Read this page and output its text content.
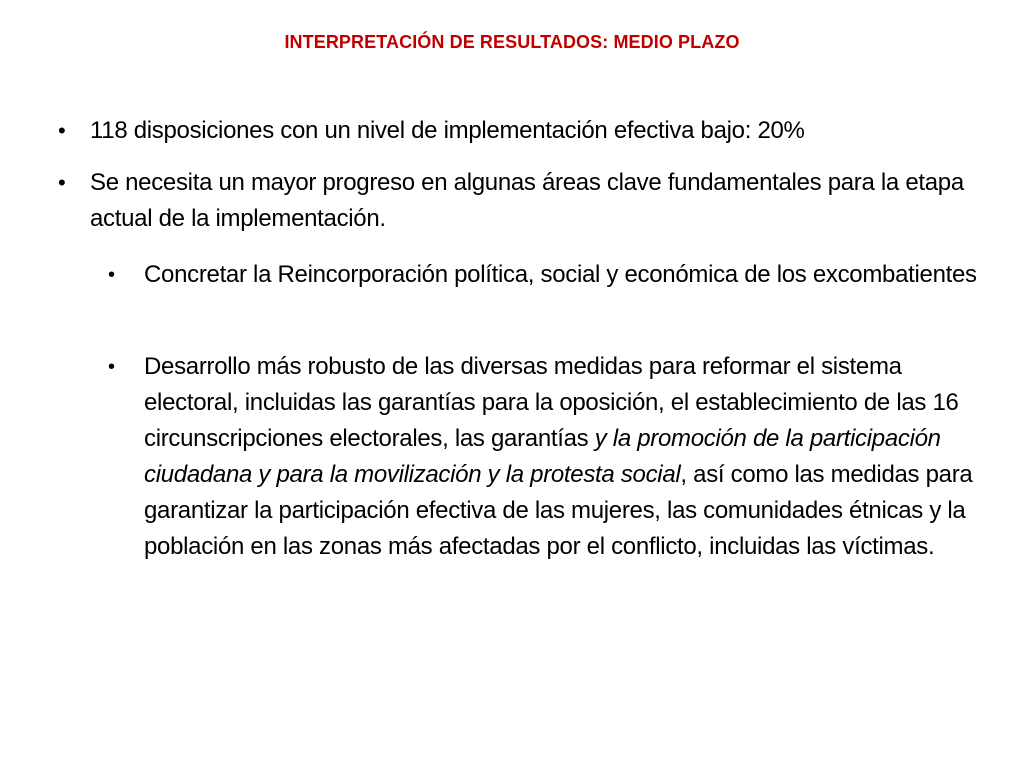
INTERPRETACIÓN DE RESULTADOS: MEDIO PLAZO
•	118 disposiciones con un nivel de implementación efectiva bajo: 20%
•	Se necesita un mayor progreso en algunas áreas clave fundamentales para la etapa actual de la implementación.
•	Concretar la Reincorporación política, social y económica de los excombatientes
•	Desarrollo más robusto de las diversas medidas para reformar el sistema electoral, incluidas las garantías para la oposición, el establecimiento de las 16 circunscripciones electorales, las garantías y la promoción de la participación ciudadana y para la movilización y la protesta social, así como las medidas para garantizar la participación efectiva de las mujeres, las comunidades étnicas y la población en las zonas más afectadas por el conflicto, incluidas las víctimas.
